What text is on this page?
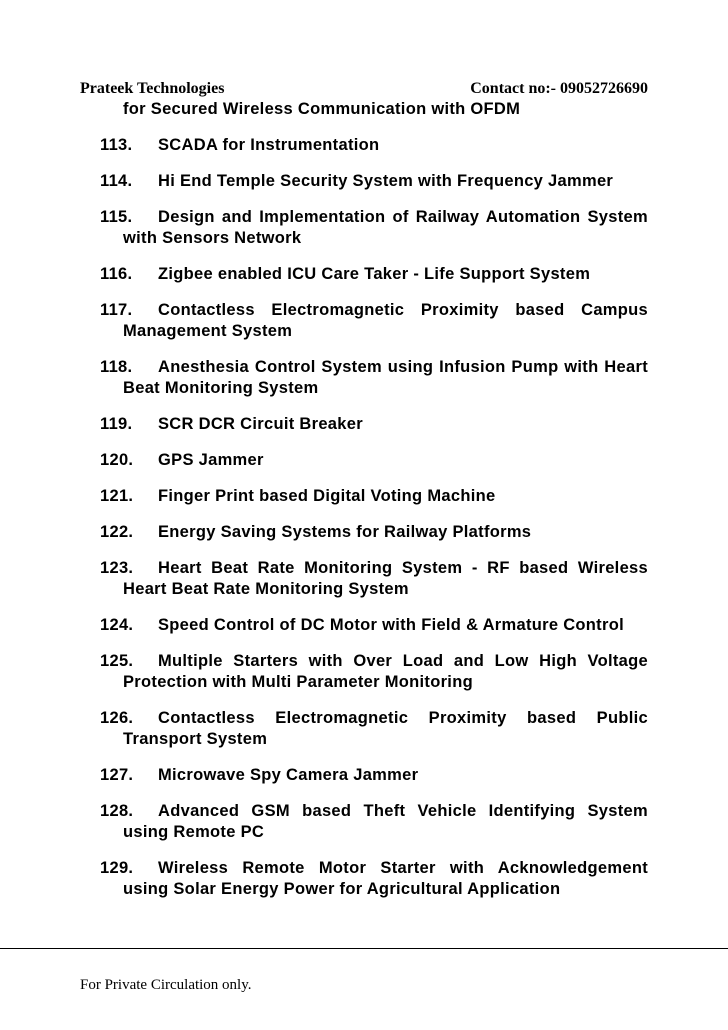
Prateek Technologies	Contact no:- 09052726690

for Secured Wireless Communication with OFDM

113. SCADA for Instrumentation

114. Hi End Temple Security System with Frequency Jammer

115. Design and Implementation of Railway Automation System with Sensors Network

116. Zigbee enabled ICU Care Taker - Life Support System

117. Contactless Electromagnetic Proximity based Campus Management System

118. Anesthesia Control System using Infusion Pump with Heart Beat Monitoring System

119. SCR DCR Circuit Breaker

120. GPS Jammer

121. Finger Print based Digital Voting Machine

122. Energy Saving Systems for Railway Platforms

123. Heart Beat Rate Monitoring System - RF based Wireless Heart Beat Rate Monitoring System

124. Speed Control of DC Motor with Field & Armature Control

125. Multiple Starters with Over Load and Low High Voltage Protection with Multi Parameter Monitoring

126. Contactless Electromagnetic Proximity based Public Transport System

127. Microwave Spy Camera Jammer

128. Advanced GSM based Theft Vehicle Identifying System using Remote PC

129. Wireless Remote Motor Starter with Acknowledgement using Solar Energy Power for Agricultural Application

For Private Circulation only.
